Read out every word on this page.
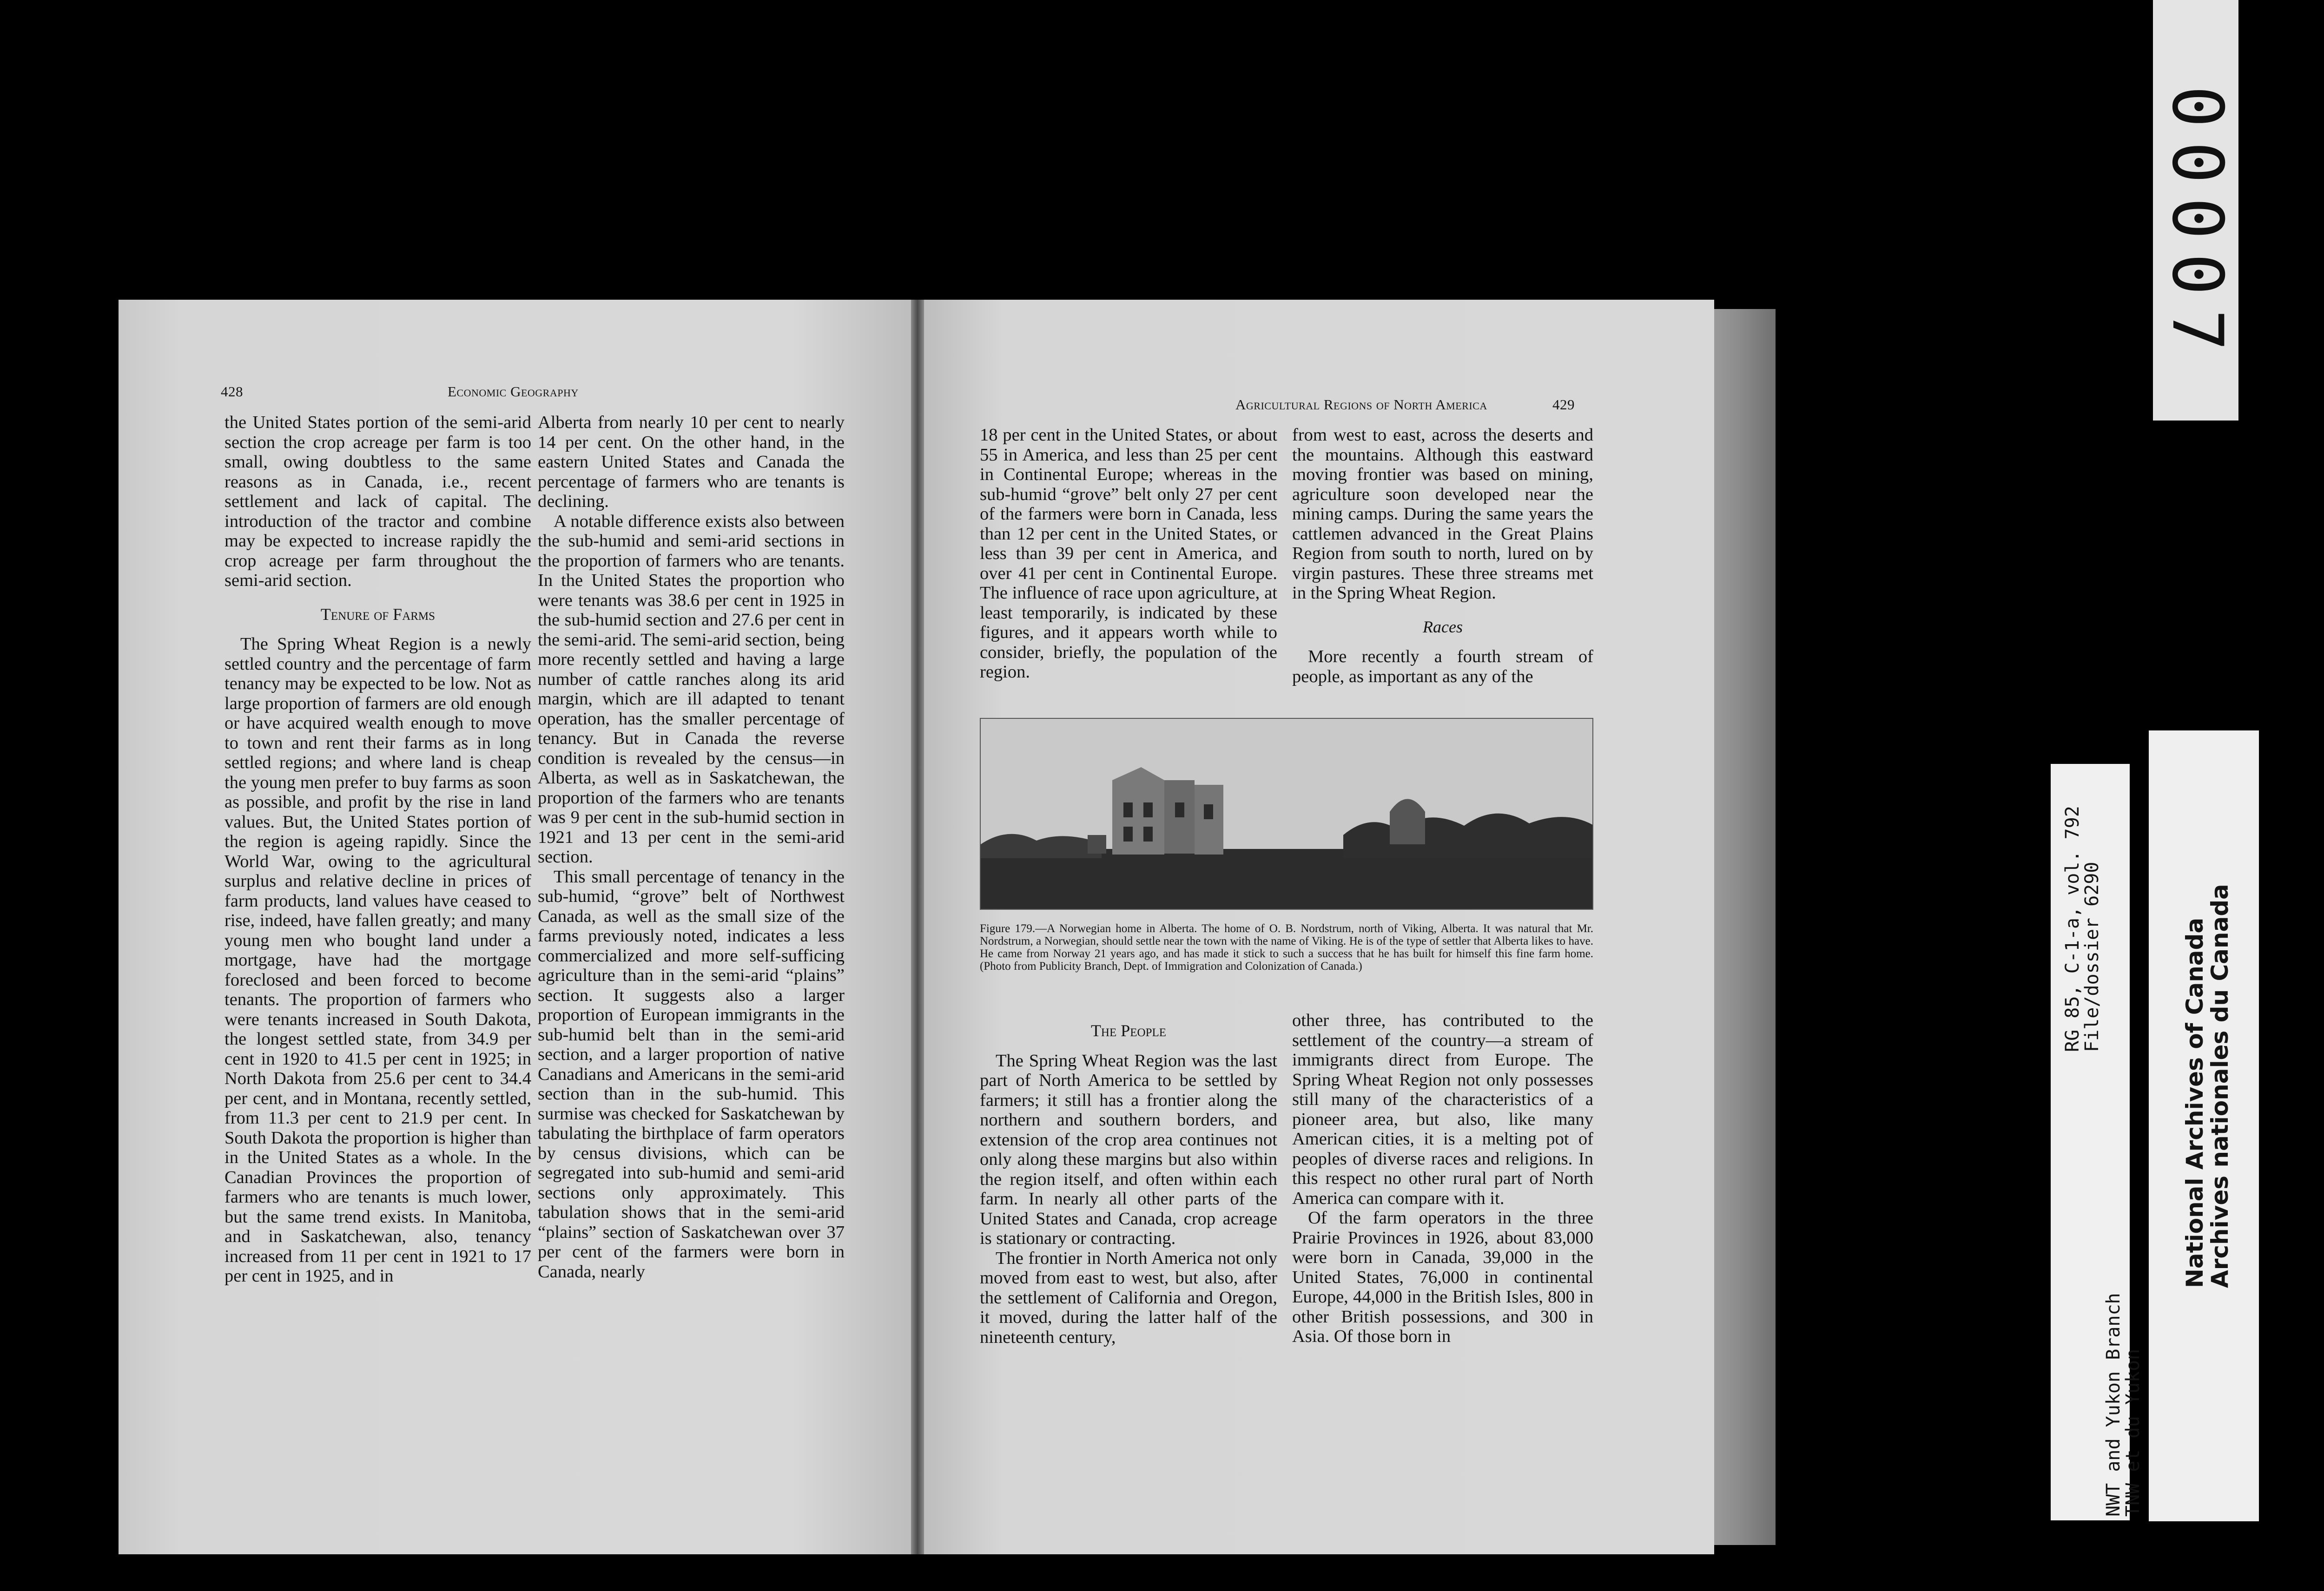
428	Economic Geography

the United States portion of the semi-arid section the crop acreage per farm is too small, owing doubtless to the same reasons as in Canada, i.e., recent settlement and lack of capital. The introduction of the tractor and combine may be expected to increase rapidly the crop acreage per farm throughout the semi-arid section.

Tenure of Farms

The Spring Wheat Region is a newly settled country and the percentage of farm tenancy may be expected to be low. Not as large proportion of farmers are old enough or have acquired wealth enough to move to town and rent their farms as in long settled regions; and where land is cheap the young men prefer to buy farms as soon as possible, and profit by the rise in land values. But, the United States portion of the region is ageing rapidly. Since the World War, owing to the agricultural surplus and relative decline in prices of farm products, land values have ceased to rise, indeed, have fallen greatly; and many young men who bought land under a mortgage, have had the mortgage foreclosed and been forced to become tenants. The proportion of farmers who were tenants increased in South Dakota, the longest settled state, from 34.9 per cent in 1920 to 41.5 per cent in 1925; in North Dakota from 25.6 per cent to 34.4 per cent, and in Montana, recently settled, from 11.3 per cent to 21.9 per cent. In South Dakota the proportion is higher than in the United States as a whole. In the Canadian Provinces the proportion of farmers who are tenants is much lower, but the same trend exists. In Manitoba, and in Saskatchewan, also, tenancy increased from 11 per cent in 1921 to 17 per cent in 1925, and in

Alberta from nearly 10 per cent to nearly 14 per cent. On the other hand, in the eastern United States and Canada the percentage of farmers who are tenants is declining.

A notable difference exists also between the sub-humid and semi-arid sections in the proportion of farmers who are tenants. In the United States the proportion who were tenants was 38.6 per cent in 1925 in the sub-humid section and 27.6 per cent in the semi-arid. The semi-arid section, being more recently settled and having a large number of cattle ranches along its arid margin, which are ill adapted to tenant operation, has the smaller percentage of tenancy. But in Canada the reverse condition is revealed by the census—in Alberta, as well as in Saskatchewan, the proportion of the farmers who are tenants was 9 per cent in the sub-humid section in 1921 and 13 per cent in the semi-arid section.

This small percentage of tenancy in the sub-humid, “grove” belt of Northwest Canada, as well as the small size of the farms previously noted, indicates a less commercialized and more self-sufficing agriculture than in the semi-arid “plains” section. It suggests also a larger proportion of European immigrants in the sub-humid belt than in the semi-arid section, and a larger proportion of native Canadians and Americans in the semi-arid section than in the sub-humid. This surmise was checked for Saskatchewan by tabulating the birthplace of farm operators by census divisions, which can be segregated into sub-humid and semi-arid sections only approximately. This tabulation shows that in the semi-arid “plains” section of Saskatchewan over 37 per cent of the farmers were born in Canada, nearly

Agricultural Regions of North America	429

18 per cent in the United States, or about 55 in America, and less than 25 per cent in Continental Europe; whereas in the sub-humid “grove” belt only 27 per cent of the farmers were born in Canada, less than 12 per cent in the United States, or less than 39 per cent in America, and over 41 per cent in Continental Europe. The influence of race upon agriculture, at least temporarily, is indicated by these figures, and it appears worth while to consider, briefly, the population of the region.

from west to east, across the deserts and the mountains. Although this eastward moving frontier was based on mining, agriculture soon developed near the mining camps. During the same years the cattlemen advanced in the Great Plains Region from south to north, lured on by virgin pastures. These three streams met in the Spring Wheat Region.

Races

More recently a fourth stream of people, as important as any of the

Figure 179.—A Norwegian home in Alberta. The home of O. B. Nordstrum, north of Viking, Alberta. It was natural that Mr. Nordstrum, a Norwegian, should settle near the town with the name of Viking. He is of the type of settler that Alberta likes to have. He came from Norway 21 years ago, and has made it stick to such a success that he has built for himself this fine farm home. (Photo from Publicity Branch, Dept. of Immigration and Colonization of Canada.)
The People

The Spring Wheat Region was the last part of North America to be settled by farmers; it still has a frontier along the northern and southern borders, and extension of the crop area continues not only along these margins but also within the region itself, and often within each farm. In nearly all other parts of the United States and Canada, crop acreage is stationary or contracting.

The frontier in North America not only moved from east to west, but also, after the settlement of California and Oregon, it moved, during the latter half of the nineteenth century,

other three, has contributed to the settlement of the country—a stream of immigrants direct from Europe. The Spring Wheat Region not only possesses still many of the characteristics of a pioneer area, but also, like many American cities, it is a melting pot of peoples of diverse races and religions. In this respect no other rural part of North America can compare with it.

Of the farm operators in the three Prairie Provinces in 1926, about 83,000 were born in Canada, 39,000 in the United States, 76,000 in continental Europe, 44,000 in the British Isles, 800 in other British possessions, and 300 in Asia. Of those born in

00007
NWT and Yukon Branch
TNW et du Yukon
RG 85, C-1-a, vol. 792
File/dossier 6290	National Archives of Canada
Archives nationales du Canada
